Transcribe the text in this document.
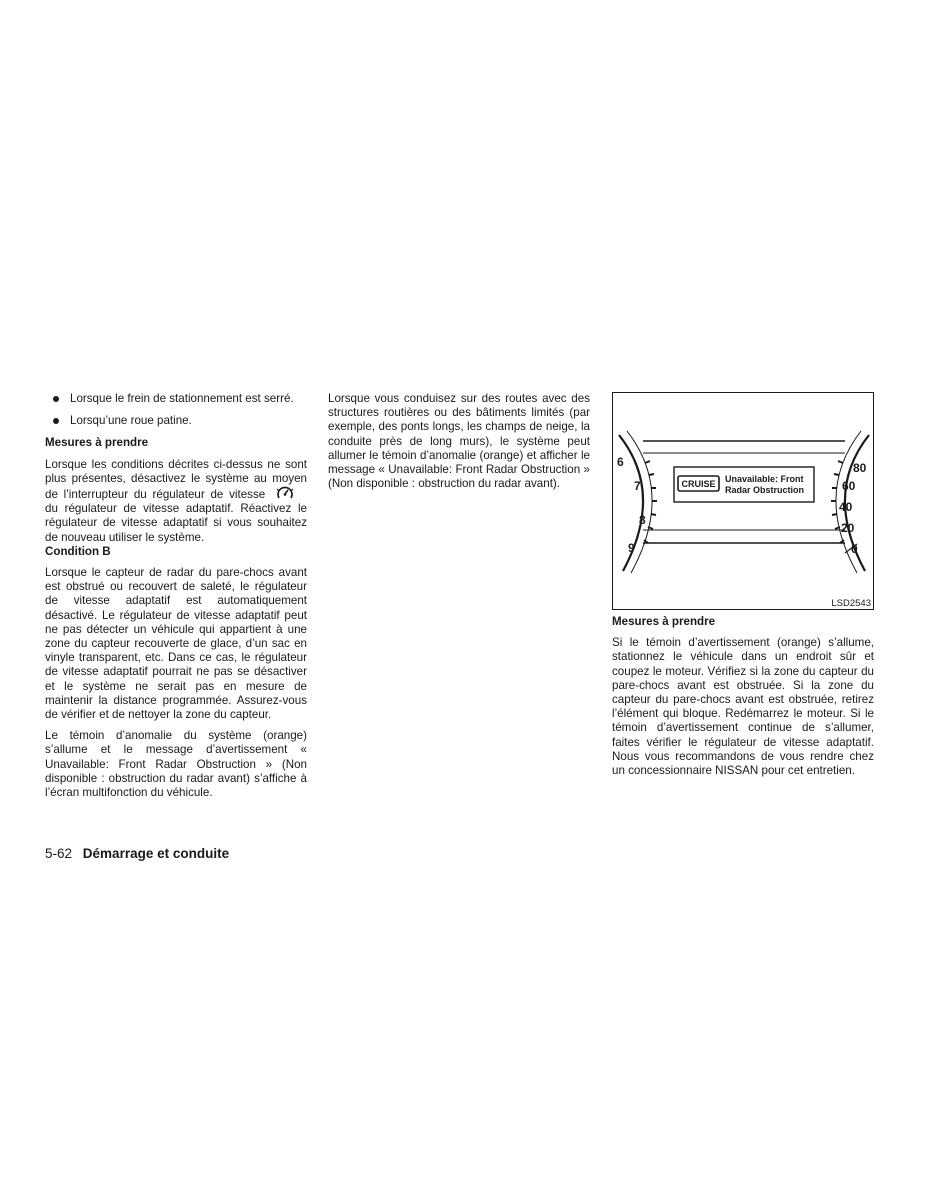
Lorsque le frein de stationnement est serré.

Lorsqu’une roue patine.

Mesures à prendre

Lorsque les conditions décrites ci-dessus ne sont plus présentes, désactivez le système au moyen de l’interrupteur du régulateur de vitesse  du régulateur de vitesse adaptatif. Réactivez le régulateur de vitesse adaptatif si vous souhaitez de nouveau utiliser le système.

Condition B

Lorsque le capteur de radar du pare-chocs avant est obstrué ou recouvert de saleté, le régulateur de vitesse adaptatif est automatiquement désactivé. Le régulateur de vitesse adaptatif peut ne pas détecter un véhicule qui appartient à une zone du capteur recouverte de glace, d’un sac en vinyle transparent, etc. Dans ce cas, le régulateur de vitesse adaptatif pourrait ne pas se désactiver et le système ne serait pas en mesure de maintenir la distance programmée. Assurez-vous de vérifier et de nettoyer la zone du capteur.

Le témoin d’anomalie du système (orange) s’allume et le message d’avertissement « Unavailable: Front Radar Obstruction » (Non disponible : obstruction du radar avant) s’affiche à l’écran multifonction du véhicule.

Lorsque vous conduisez sur des routes avec des structures routières ou des bâtiments limités (par exemple, des ponts longs, les champs de neige, la conduite près de long murs), le système peut allumer le témoin d’anomalie (orange) et afficher le message « Unavailable: Front Radar Obstruction » (Non disponible : obstruction du radar avant).

6
7
8
9
80
60
40
20
0
CRUISE Unavailable: Front
Radar Obstruction
LSD2543
Mesures à prendre

Si le témoin d’avertissement (orange) s’allume, stationnez le véhicule dans un endroit sûr et coupez le moteur. Vérifiez si la zone du capteur du pare-chocs avant est obstruée. Si la zone du capteur du pare-chocs avant est obstruée, retirez l’élément qui bloque. Redémarrez le moteur. Si le témoin d’avertissement continue de s’allumer, faites vérifier le régulateur de vitesse adaptatif. Nous vous recommandons de vous rendre chez un concessionnaire NISSAN pour cet entretien.

5-62 Démarrage et conduite
